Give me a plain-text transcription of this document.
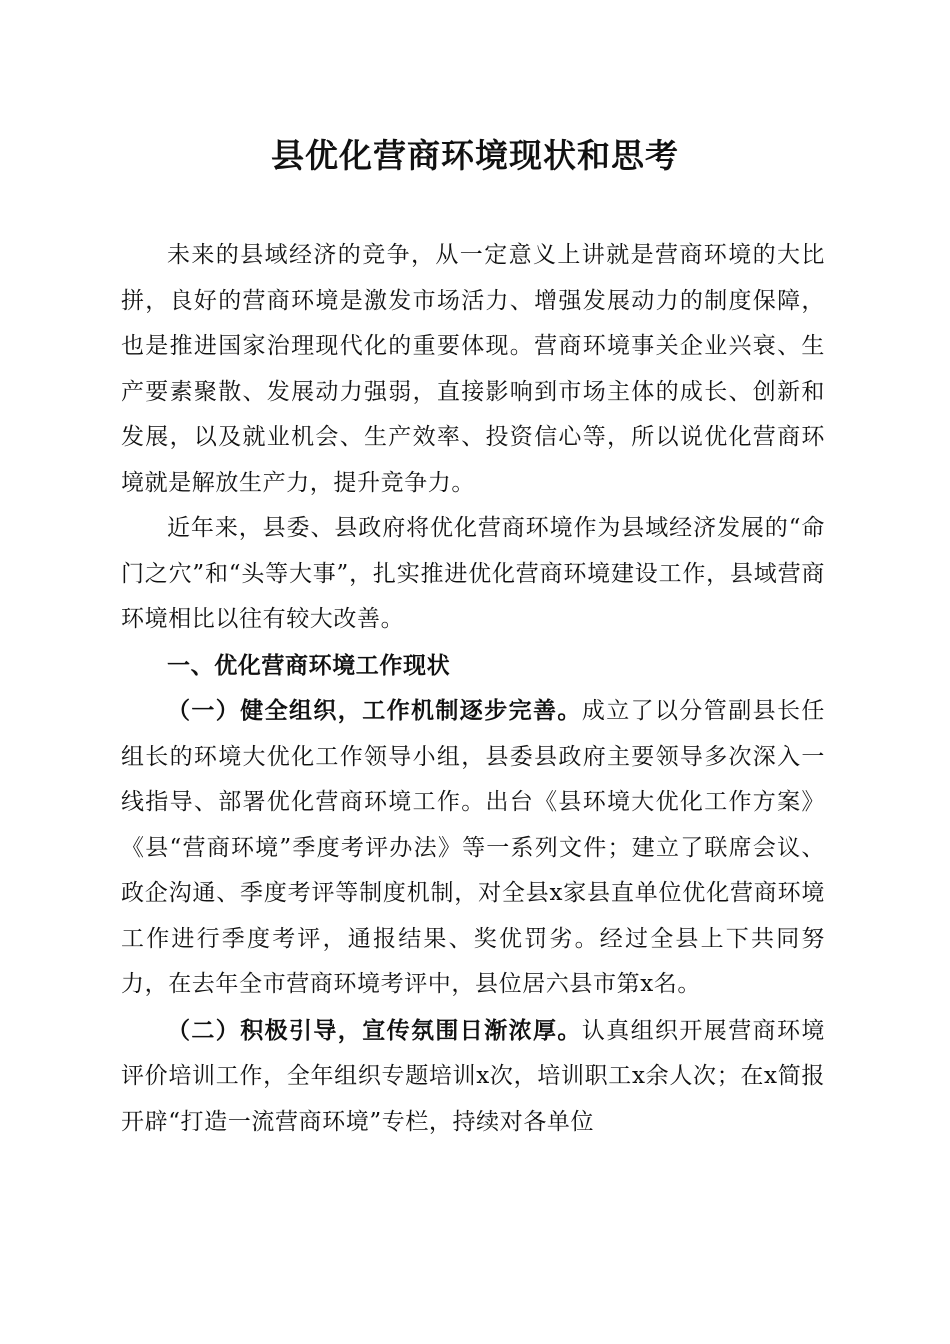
县优化营商环境现状和思考

未来的县域经济的竞争，从一定意义上讲就是营商环境的大比拼，良好的营商环境是激发市场活力、增强发展动力的制度保障，也是推进国家治理现代化的重要体现。营商环境事关企业兴衰、生产要素聚散、发展动力强弱，直接影响到市场主体的成长、创新和发展，以及就业机会、生产效率、投资信心等，所以说优化营商环境就是解放生产力，提升竞争力。

近年来，县委、县政府将优化营商环境作为县域经济发展的“命门之穴”和“头等大事”，扎实推进优化营商环境建设工作，县域营商环境相比以往有较大改善。

一、优化营商环境工作现状

（一）健全组织，工作机制逐步完善。成立了以分管副县长任组长的环境大优化工作领导小组，县委县政府主要领导多次深入一线指导、部署优化营商环境工作。出台《县环境大优化工作方案》《县“营商环境”季度考评办法》等一系列文件；建立了联席会议、政企沟通、季度考评等制度机制，对全县x家县直单位优化营商环境工作进行季度考评，通报结果、奖优罚劣。经过全县上下共同努力，在去年全市营商环境考评中，县位居六县市第x名。

（二）积极引导，宣传氛围日渐浓厚。认真组织开展营商环境评价培训工作，全年组织专题培训x次，培训职工x余人次；在x简报开辟“打造一流营商环境”专栏，持续对各单位
